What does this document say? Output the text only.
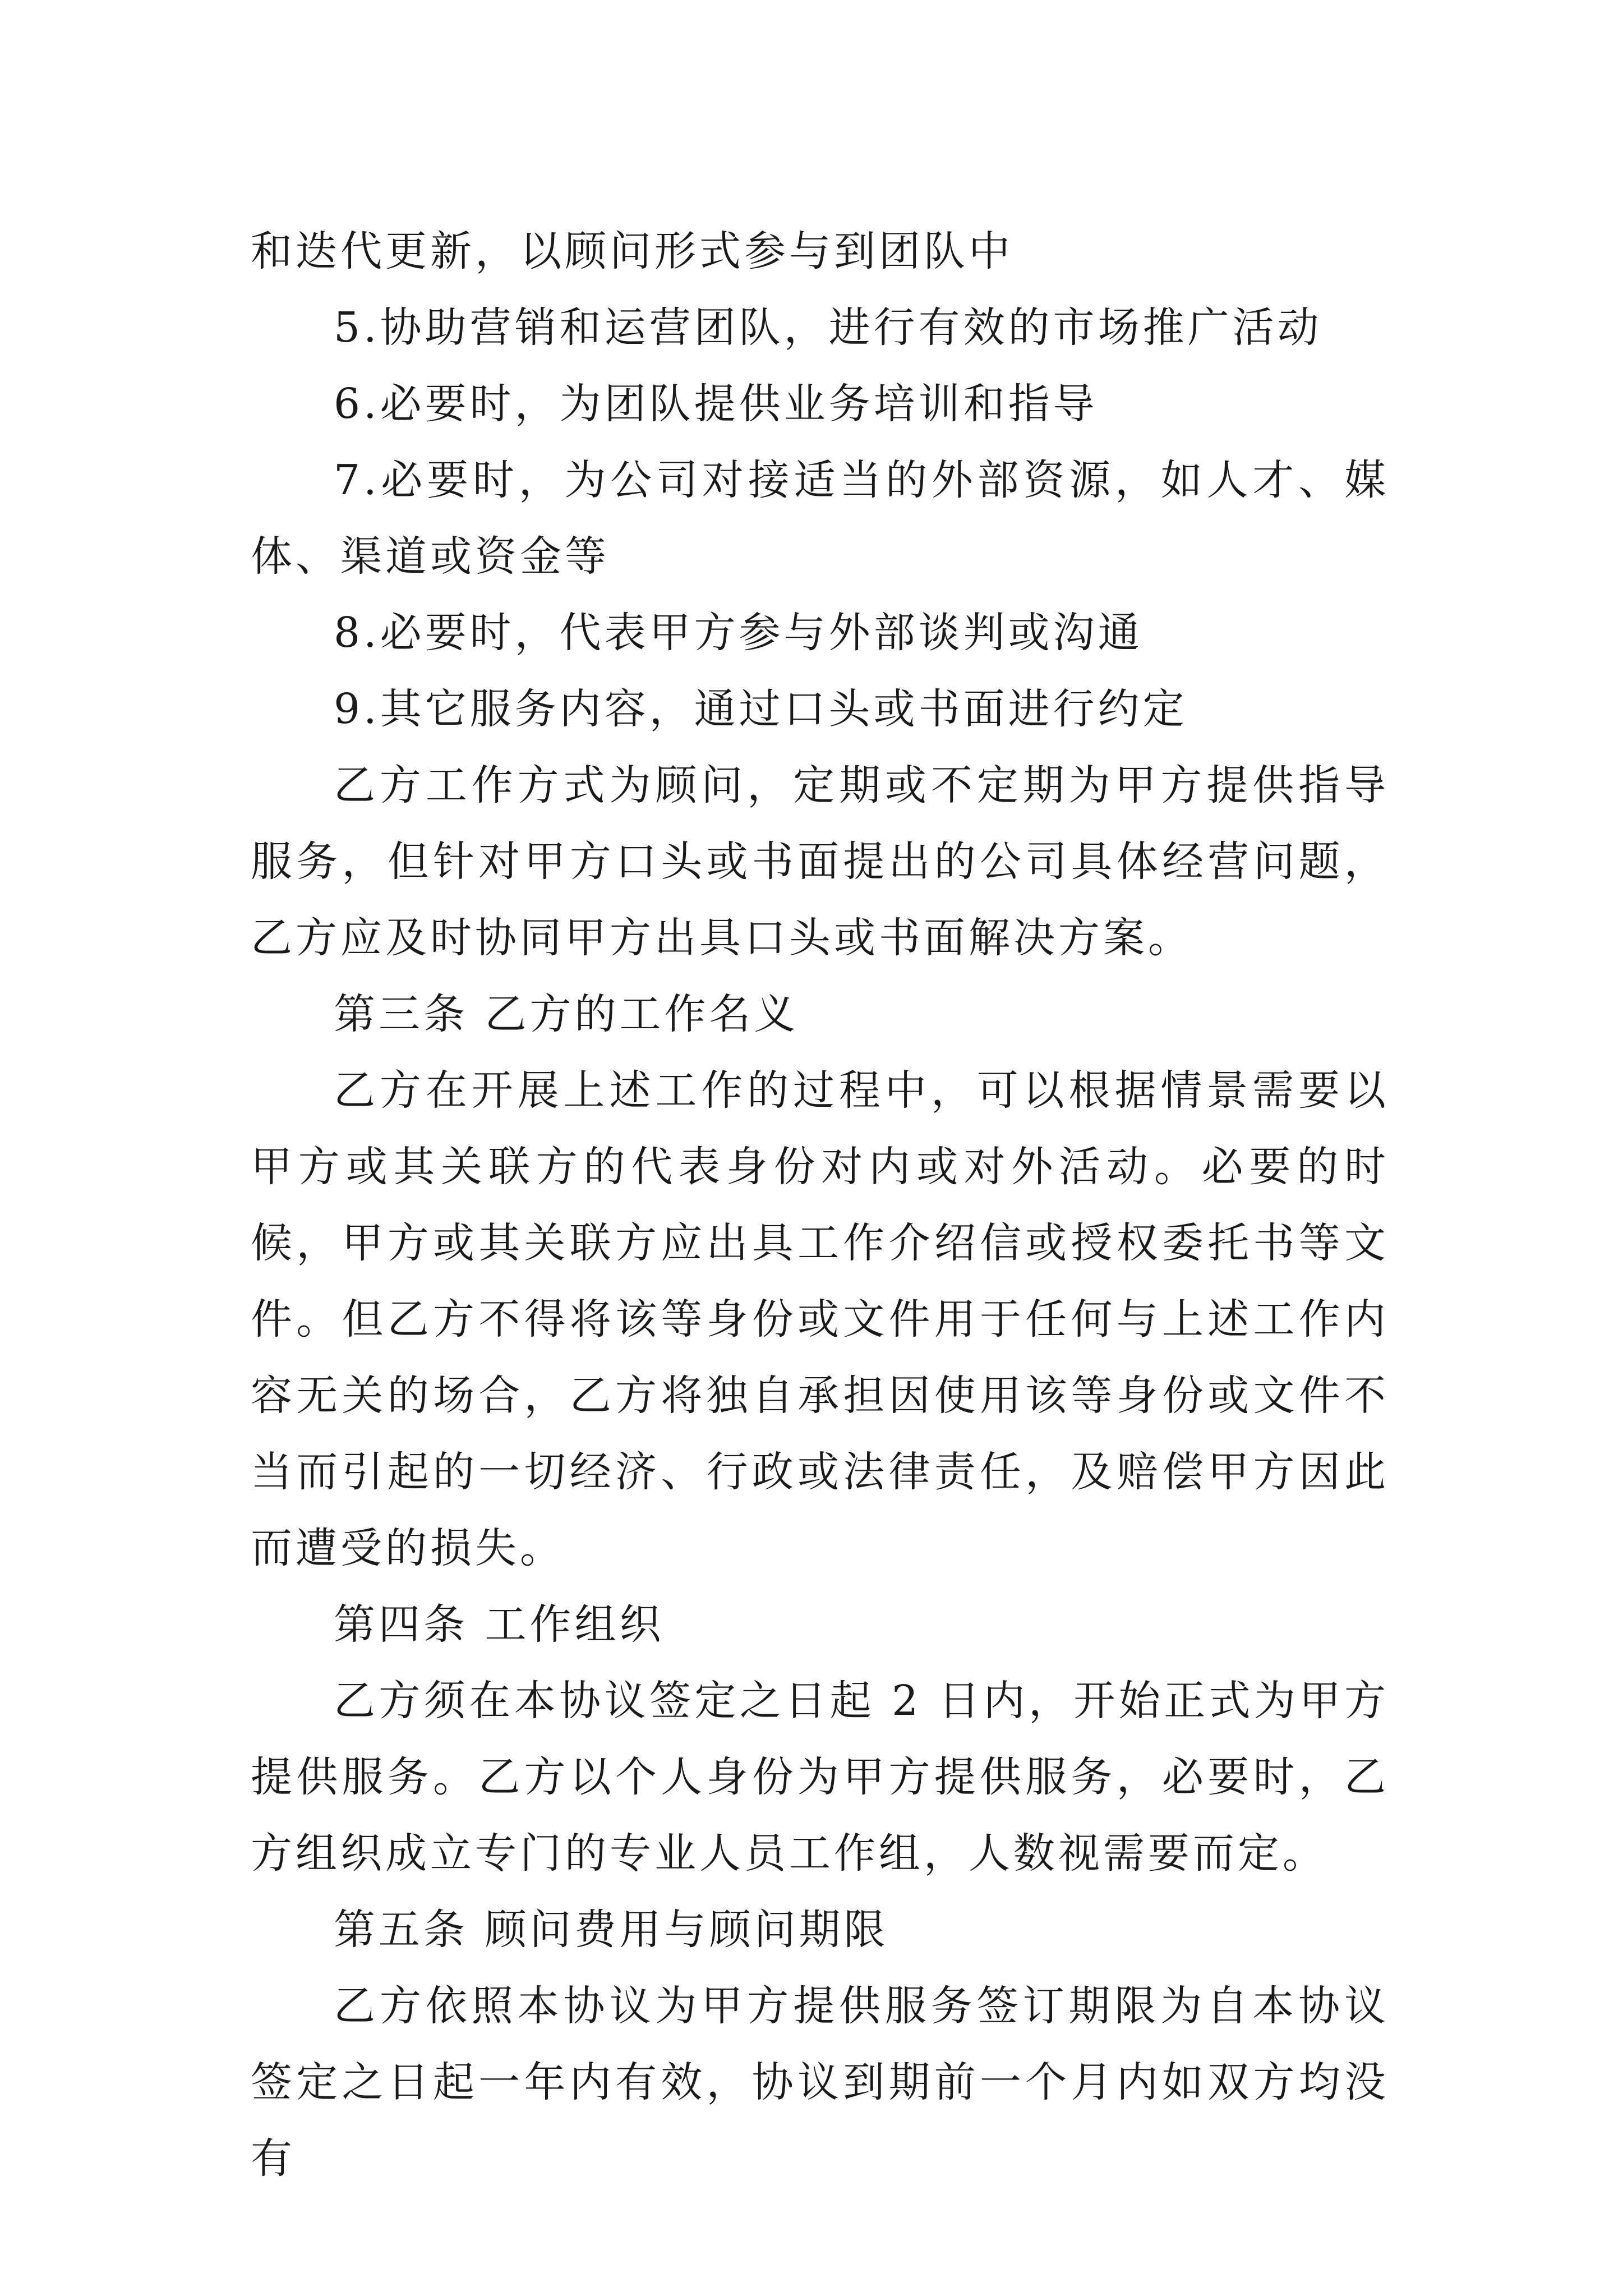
和迭代更新，以顾问形式参与到团队中

5.协助营销和运营团队，进行有效的市场推广活动

6.必要时，为团队提供业务培训和指导

7.必要时，为公司对接适当的外部资源，如人才、媒体、渠道或资金等

8.必要时，代表甲方参与外部谈判或沟通

9.其它服务内容，通过口头或书面进行约定

乙方工作方式为顾问，定期或不定期为甲方提供指导服务，但针对甲方口头或书面提出的公司具体经营问题，乙方应及时协同甲方出具口头或书面解决方案。

第三条 乙方的工作名义

乙方在开展上述工作的过程中，可以根据情景需要以甲方或其关联方的代表身份对内或对外活动。必要的时候，甲方或其关联方应出具工作介绍信或授权委托书等文件。但乙方不得将该等身份或文件用于任何与上述工作内容无关的场合，乙方将独自承担因使用该等身份或文件不当而引起的一切经济、行政或法律责任，及赔偿甲方因此而遭受的损失。

第四条 工作组织

乙方须在本协议签定之日起 2 日内，开始正式为甲方提供服务。乙方以个人身份为甲方提供服务，必要时，乙方组织成立专门的专业人员工作组，人数视需要而定。

第五条 顾问费用与顾问期限

乙方依照本协议为甲方提供服务签订期限为自本协议签定之日起一年内有效，协议到期前一个月内如双方均没有
